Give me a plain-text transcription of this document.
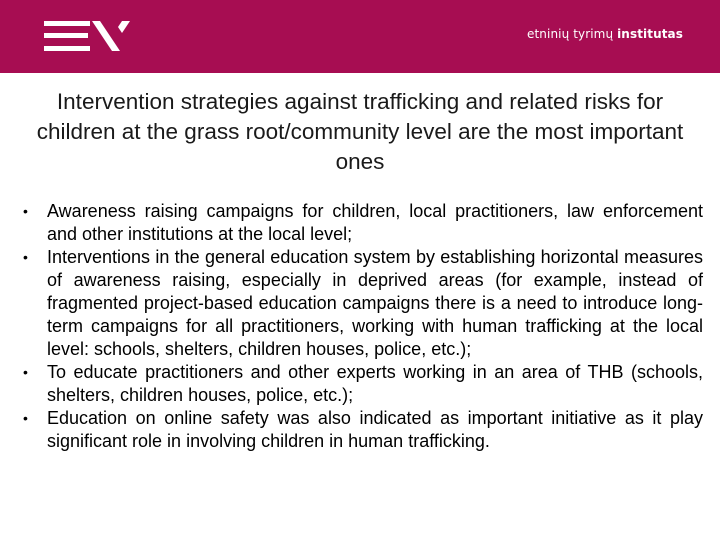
etninių tyrimų institutas
Intervention strategies against trafficking and related risks for children at the grass root/community level are the most important ones
• Awareness raising campaigns for children, local practitioners, law enforcement and other institutions at the local level;
• Interventions in the general education system by establishing horizontal measures of awareness raising, especially in deprived areas (for example, instead of fragmented project-based education campaigns there is a need to introduce long-term campaigns for all practitioners, working with human trafficking at the local level: schools, shelters, children houses, police, etc.);
• To educate practitioners and other experts working in an area of THB (schools, shelters, children houses, police, etc.);
• Education on online safety was also indicated as important initiative as it play significant role in involving children in human trafficking.
